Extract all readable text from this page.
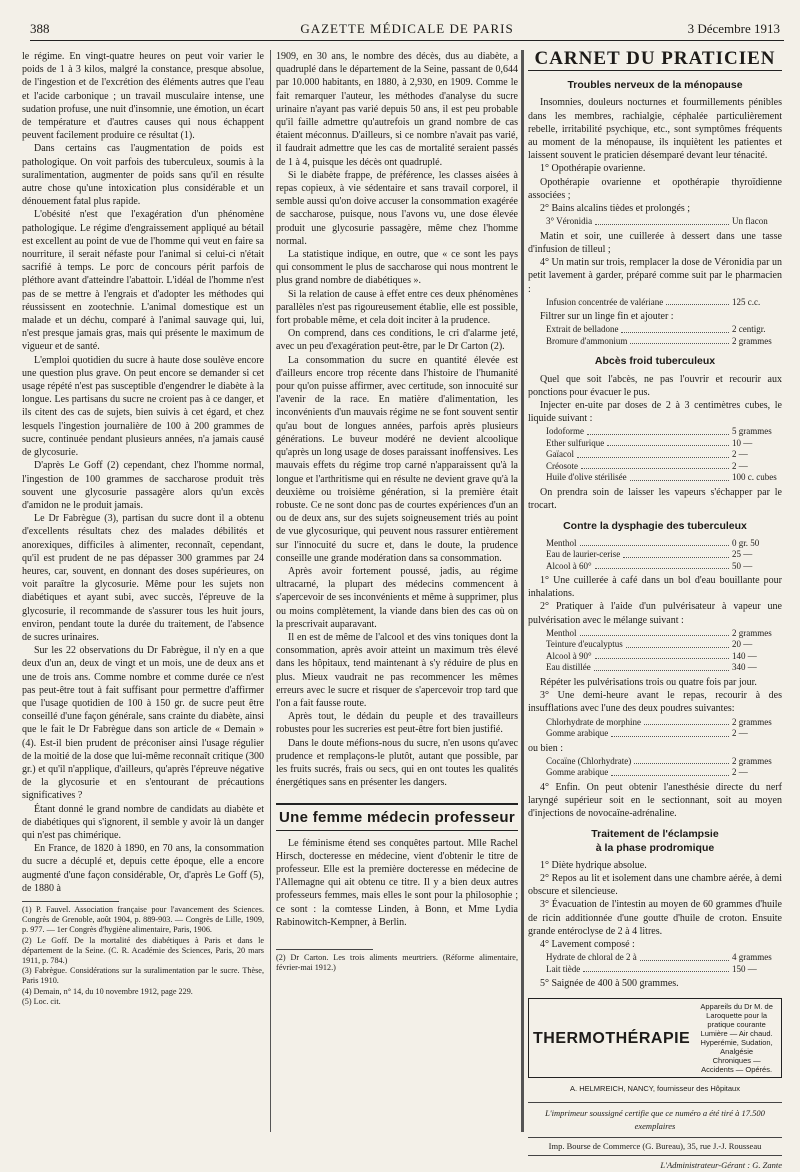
388	GAZETTE MÉDICALE DE PARIS	3 Décembre 1913

le régime. En vingt-quatre heures on peut voir varier le poids de 1 à 3 kilos, malgré la constance, presque absolue, de l'ingestion et de l'excrétion des éléments autres que l'eau et l'acide carbonique ; un travail musculaire intense, une sudation profuse, une nuit d'insomnie, une émotion, un écart de température et d'autres causes qui nous échappent peuvent facilement produire ce résultat (1).

Dans certains cas l'augmentation de poids est pathologique. On voit parfois des tuberculeux, soumis à la suralimentation, augmenter de poids sans qu'il en résulte autre chose qu'une intoxication plus considérable et un dénouement fatal plus rapide.

L'obésité n'est que l'exagération d'un phénomène pathologique. Le régime d'engraissement appliqué au bétail est excellent au point de vue de l'homme qui veut en faire sa nourriture, il serait néfaste pour l'animal si celui-ci n'était sacrifié à temps. Le porc de concours périt parfois de pléthore avant d'atteindre l'abattoir. L'idéal de l'homme n'est pas de se mettre à l'engrais et d'adopter les méthodes qui réussissent en zootechnie. L'animal domestique est un malade et un déchu, comparé à l'animal sauvage qui, lui, n'est presque jamais gras, mais qui présente le maximum de vigueur et de santé.

L'emploi quotidien du sucre à haute dose soulève encore une question plus grave. On peut encore se demander si cet usage répété n'est pas susceptible d'engendrer le diabète à la longue. Les partisans du sucre ne croient pas à ce danger, et ils citent des cas de sujets, bien suivis à cet égard, et chez lesquels l'ingestion journalière de 100 à 200 grammes de sucre, continuée pendant plusieurs années, n'a jamais causé de glycosurie.

D'après Le Goff (2) cependant, chez l'homme normal, l'ingestion de 100 grammes de saccharose produit très souvent une glycosurie passagère alors qu'un excès d'amidon ne le produit jamais.

Le Dr Fabrègue (3), partisan du sucre dont il a obtenu d'excellents résultats chez des malades débilités et anorexiques, difficiles à alimenter, reconnaît, cependant, qu'il est prudent de ne pas dépasser 300 grammes par 24 heures, car, souvent, en donnant des doses supérieures, on voit paraître la glycosurie. Même pour les sujets non diabétiques et ayant subi, avec succès, l'épreuve de la glycosurie, il recommande de s'assurer tous les huit jours, environ, pendant toute la durée du traitement, de l'absence de sucres urinaires.

Sur les 22 observations du Dr Fabrègue, il n'y en a que deux d'un an, deux de vingt et un mois, une de deux ans et une de trois ans. Comme nombre et comme durée ce n'est pas peut-être tout à fait suffisant pour permettre d'affirmer que l'usage quotidien de 100 à 150 gr. de sucre peut être conseillé d'une façon générale, sans crainte du diabète, ainsi que le fait le Dr Fabrègue dans son article de « Demain » (4). Est-il bien prudent de préconiser ainsi l'usage régulier de la moitié de la dose que lui-même reconnaît critique (300 gr.) et qu'il n'applique, d'ailleurs, qu'après l'épreuve négative de la glycosurie et en s'entourant de précautions significatives ?

Étant donné le grand nombre de candidats au diabète et de diabétiques qui s'ignorent, il semble y avoir là un danger qui n'est pas chimérique.

En France, de 1820 à 1890, en 70 ans, la consommation du sucre a décuplé et, depuis cette époque, elle a encore augmenté d'une façon considérable, Or, d'après Le Goff (5), de 1880 à

(1) P. Fauvel. Association française pour l'avancement des Sciences. Congrès de Grenoble, août 1904, p. 889-903. — Congrès de Lille, 1909, p. 977. — 1er Congrès d'hygiène alimentaire, Paris, 1906.

(2) Le Goff. De la mortalité des diabétiques à Paris et dans le département de la Seine. (C. R. Académie des Sciences, Paris, 20 mars 1911, p. 784.)

(3) Fabrègue. Considérations sur la suralimentation par le sucre. Thèse, Paris 1910.

(4) Demain, n° 14, du 10 novembre 1912, page 229.

(5) Loc. cit.

1909, en 30 ans, le nombre des décès, dus au diabète, a quadruplé dans le département de la Seine, passant de 0,644 par 10.000 habitants, en 1880, à 2,930, en 1909. Comme le fait remarquer l'auteur, les méthodes d'analyse du sucre urinaire n'ayant pas varié depuis 50 ans, il est peu probable qu'il faille admettre qu'autrefois un grand nombre de cas étaient méconnus. D'ailleurs, si ce nombre n'avait pas varié, il faudrait admettre que les cas de mortalité seraient passés de 1 à 4, puisque les décès ont quadruplé.

Si le diabète frappe, de préférence, les classes aisées à repas copieux, à vie sédentaire et sans travail corporel, il semble aussi qu'on doive accuser la consommation exagérée de saccharose, puisque, nous l'avons vu, une dose élevée produit une glycosurie passagère, même chez l'homme normal.

La statistique indique, en outre, que « ce sont les pays qui consomment le plus de saccharose qui nous montrent le plus grand nombre de diabétiques ».

Si la relation de cause à effet entre ces deux phénomènes parallèles n'est pas rigoureusement établie, elle est possible, fort probable même, et cela doit inciter à la prudence.

On comprend, dans ces conditions, le cri d'alarme jeté, avec un peu d'exagération peut-être, par le Dr Carton (2).

La consommation du sucre en quantité élevée est d'ailleurs encore trop récente dans l'histoire de l'humanité pour qu'on puisse affirmer, avec certitude, son innocuité sur l'avenir de la race. En matière d'alimentation, les inconvénients d'un mauvais régime ne se font souvent sentir qu'au bout de longues années, parfois après plusieurs générations. Le buveur modéré ne devient alcoolique qu'après un long usage de doses paraissant inoffensives. Les mauvais effets du régime trop carné n'apparaissent qu'à la longue et l'arthritisme qui en résulte ne devient grave qu'à la deuxième ou troisième génération, si la première était robuste. Ce ne sont donc pas de courtes expériences d'un an ou de deux ans, sur des sujets soigneusement triés au point de vue glycosurique, qui peuvent nous rassurer entièrement sur l'innocuité du sucre et, dans le doute, la prudence conseille une grande modération dans sa consommation.

Après avoir fortement poussé, jadis, au régime ultracarné, la plupart des médecins commencent à s'apercevoir de ses inconvénients et même à supprimer, plus ou moins complètement, la viande dans bien des cas où on la prescrivait auparavant.

Il en est de même de l'alcool et des vins toniques dont la consommation, après avoir atteint un maximum très élevé dans les hôpitaux, tend maintenant à s'y réduire de plus en plus. Mieux vaudrait ne pas recommencer les mêmes erreurs avec le sucre et risquer de s'apercevoir trop tard que l'on a fait fausse route.

Après tout, le dédain du peuple et des travailleurs robustes pour les sucreries est peut-être fort bien justifié.

Dans le doute méfions-nous du sucre, n'en usons qu'avec prudence et remplaçons-le plutôt, autant que possible, par les fruits sucrés, frais ou secs, qui en ont toutes les qualités énergétiques sans en présenter les dangers.

Une femme médecin professeur

Le féminisme étend ses conquêtes partout. Mlle Rachel Hirsch, docteresse en médecine, vient d'obtenir le titre de professeur. Elle est la première docteresse en médecine de l'Allemagne qui ait obtenu ce titre. Il y a bien deux autres professeurs femmes, mais elles le sont pour la philosophie ; ce sont : la comtesse Linden, à Bonn, et Mme Lydia Rabinowitch-Kempner, à Berlin.

(2) Dr Carton. Les trois aliments meurtriers. (Réforme alimentaire, février-mai 1912.)

CARNET DU PRATICIEN
Troubles nerveux de la ménopause

Insomnies, douleurs nocturnes et fourmillements pénibles dans les membres, rachialgie, céphalée particulièrement rebelle, irritabilité psychique, etc., sont symptômes fréquents au moment de la ménopause, ils inquiètent les patientes et laissent souvent le praticien désemparé devant leur ténacité.

1° Opothérapie ovarienne.

Opothérapie ovarienne et opothérapie thyroïdienne associées ;

2° Bains alcalins tièdes et prolongés ;

3° Véronidia	Un flacon

Matin et soir, une cuillerée à dessert dans une tasse d'infusion de tilleul ;

4° Un matin sur trois, remplacer la dose de Véronidia par un petit lavement à garder, préparé comme suit par le pharmacien :

Infusion concentrée de valériane	125 c.c.

Filtrer sur un linge fin et ajouter :

Extrait de belladone	2 centigr.
Bromure d'ammonium	2 grammes
Abcès froid tuberculeux

Quel que soit l'abcès, ne pas l'ouvrir et recourir aux ponctions pour évacuer le pus.

Injecter en-uite par doses de 2 à 3 centimètres cubes, le liquide suivant :

Iodoforme	5 grammes
Ether sulfurique	10 —
Gaïacol	2 —
Créosote	2 —
Huile d'olive stérilisée	100 c. cubes

On prendra soin de laisser les vapeurs s'échapper par le trocart.

Contre la dysphagie des tuberculeux
Menthol	0 gr. 50
Eau de laurier-cerise	25 —
Alcool à 60°	50 —

1° Une cuillerée à café dans un bol d'eau bouillante pour inhalations.

2° Pratiquer à l'aide d'un pulvérisateur à vapeur une pulvérisation avec le mélange suivant :

Menthol	2 grammes
Teinture d'eucalyptus	20 —
Alcool à 90°	140 —
Eau distillée	340 —

Répéter les pulvérisations trois ou quatre fois par jour.

3° Une demi-heure avant le repas, recourir à des insufflations avec l'une des deux poudres suivantes:

Chlorhydrate de morphine	2 grammes
Gomme arabique	2 —

ou bien :

Cocaïne (Chlorhydrate)	2 grammes
Gomme arabique	2 —

4° Enfin. On peut obtenir l'anesthésie directe du nerf laryngé supérieur soit en le sectionnant, soit au moyen d'injections de novocaïne-adrénaline.

Traitement de l'éclampsie
à la phase prodromique

1° Diète hydrique absolue.

2° Repos au lit et isolement dans une chambre aérée, à demi obscure et silencieuse.

3° Évacuation de l'intestin au moyen de 60 grammes d'huile de ricin additionnée d'une goutte d'huile de croton. Ensuite grande entéroclyse de 2 à 4 litres.

4° Lavement composé :

Hydrate de chloral de 2 à	4 grammes
Lait tiède	150 —

5° Saignée de 400 à 500 grammes.

THERMOTHÉRAPIE
Appareils du Dr M. de Laroquette pour la pratique courante
Lumière — Air chaud. Hyperémie, Sudation, Analgésie
Chroniques — Accidents — Opérés.
A. HELMREICH, NANCY, fournisseur des Hôpitaux
L'imprimeur soussigné certifie que ce numéro a été tiré à 17.500 exemplaires
Imp. Bourse de Commerce (G. Bureau), 35, rue J.-J. Rousseau
L'Administrateur-Gérant : G. Zante
